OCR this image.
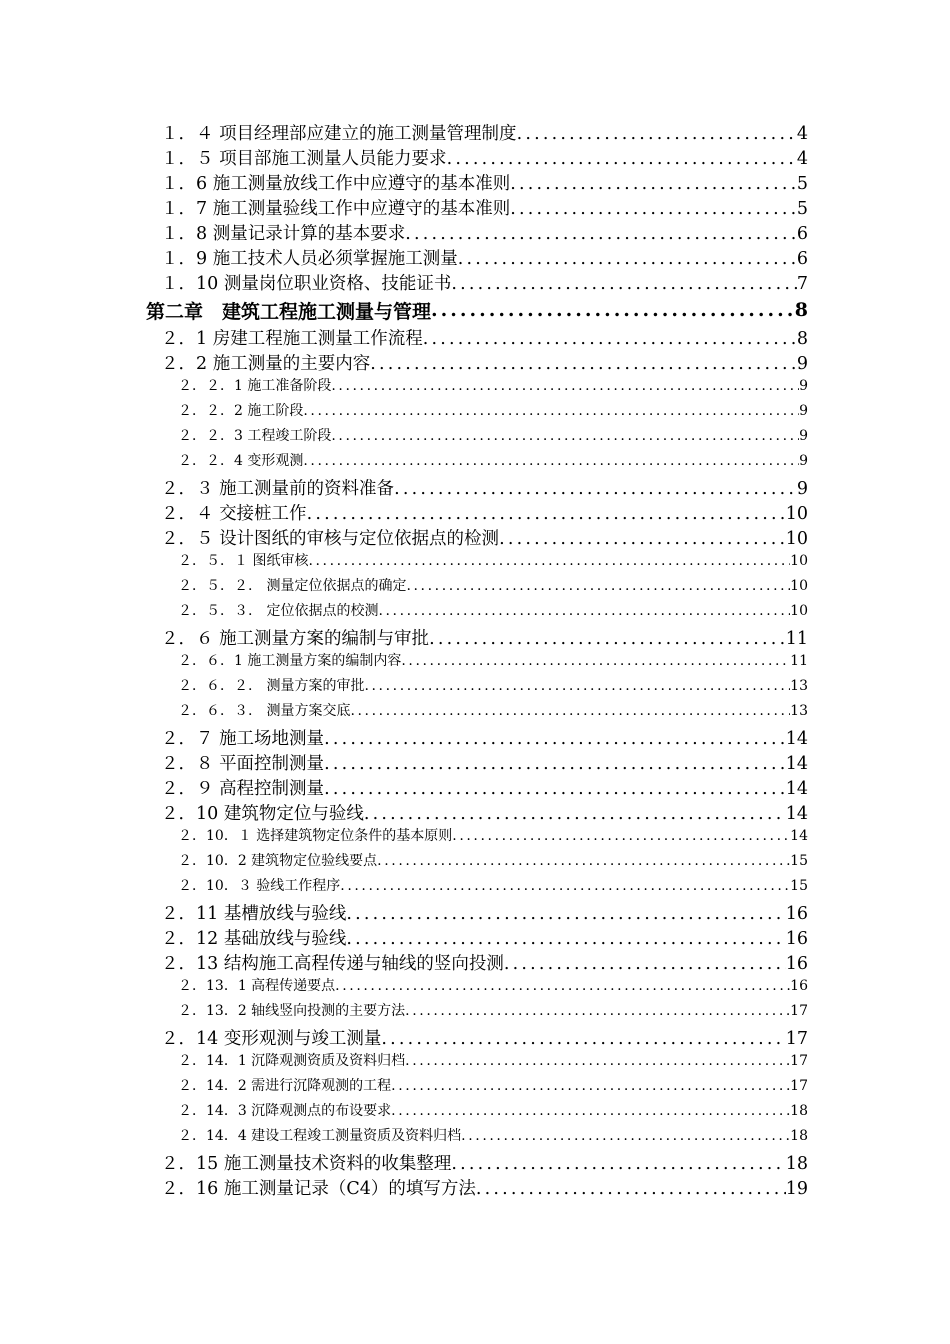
１．４ 项目经理部应建立的施工测量管理制度 .....	4
１．５ 项目部施工测量人员能力要求 .....	4
１．6 施工测量放线工作中应遵守的基本准则 .....	5
１．7 施工测量验线工作中应遵守的基本准则 .....	5
１．8 测量记录计算的基本要求 .....	6
１．9 施工技术人员必须掌握施工测量 .....	6
１．10 测量岗位职业资格、技能证书 .....	7
第二章　建筑工程施工测量与管理 .....	8
２．1 房建工程施工测量工作流程 .....	8
２．2 施工测量的主要内容 .....	9
２．２．1 施工准备阶段 .....	9
２．２．2 施工阶段 .....	9
２．２．3 工程竣工阶段 .....	9
２．２．4 变形观测 .....	9
２．３ 施工测量前的资料准备 .....	9
２．４ 交接桩工作 .....	10
２．５ 设计图纸的审核与定位依据点的检测 .....	10
２．５．１ 图纸审核 .....	10
２．５．２.　测量定位依据点的确定 .....	10
２．５．３.　定位依据点的校测 .....	10
２．６ 施工测量方案的编制与审批 .....	11
２．６．1 施工测量方案的编制内容 .....	11
２．６．２.　测量方案的审批 .....	13
２．６．３.　测量方案交底 .....	13
２．７ 施工场地测量 .....	14
２．８ 平面控制测量 .....	14
２．９ 高程控制测量 .....	14
２．10 建筑物定位与验线 .....	14
２．10．１ 选择建筑物定位条件的基本原则 .....	14
２．10．2 建筑物定位验线要点 .....	15
２．10．３ 验线工作程序 .....	15
２．11 基槽放线与验线 .....	16
２．12 基础放线与验线 .....	16
２．13 结构施工高程传递与轴线的竖向投测 .....	16
２．13．1 高程传递要点 .....	16
２．13．2 轴线竖向投测的主要方法 .....	17
２．14 变形观测与竣工测量 .....	17
２．14．1 沉降观测资质及资料归档 .....	17
２．14．2 需进行沉降观测的工程 .....	17
２．14．3 沉降观测点的布设要求 .....	18
２．14．4 建设工程竣工测量资质及资料归档 .....	18
２．15 施工测量技术资料的收集整理 .....	18
２．16 施工测量记录（C4）的填写方法 .....	19
